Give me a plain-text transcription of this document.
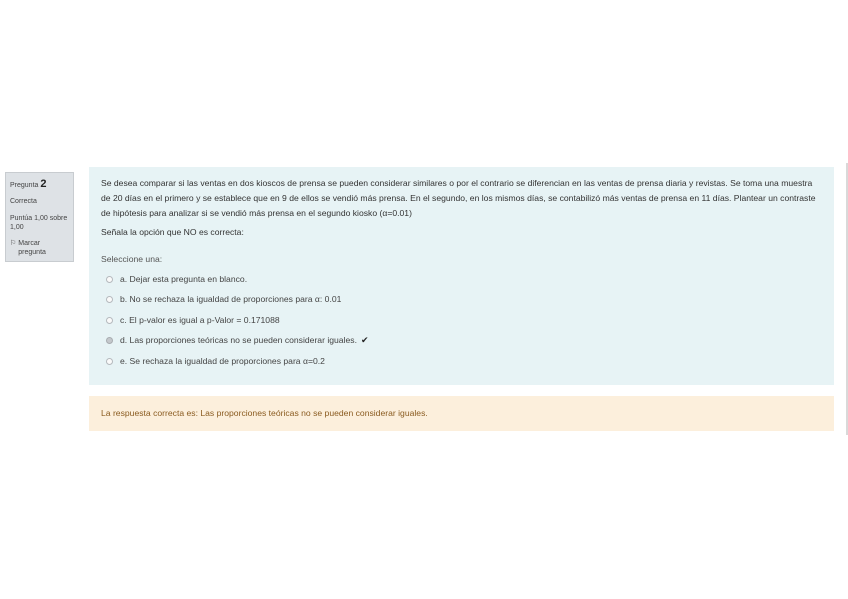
Pregunta 2
Correcta
Puntúa 1,00 sobre 1,00
⚐ Marcar pregunta

Se desea comparar si las ventas en dos kioscos de prensa se pueden considerar similares o por el contrario se diferencian en las ventas de prensa diaria y revistas. Se toma una muestra de 20 días en el primero y se establece que en 9 de ellos se vendió más prensa. En el segundo, en los mismos días, se contabilizó más ventas de prensa en 11 días. Plantear un contraste de hipótesis para analizar si se vendió más prensa en el segundo kiosko (α=0.01)

Señala la opción que NO es correcta:

Seleccione una:
a. Dejar esta pregunta en blanco.
b. No se rechaza la igualdad de proporciones para α: 0.01
c. El p-valor es igual a p-Valor = 0.171088
d. Las proporciones teóricas no se pueden considerar iguales. ✔
e. Se rechaza la igualdad de proporciones para α=0.2
La respuesta correcta es: Las proporciones teóricas no se pueden considerar iguales.
